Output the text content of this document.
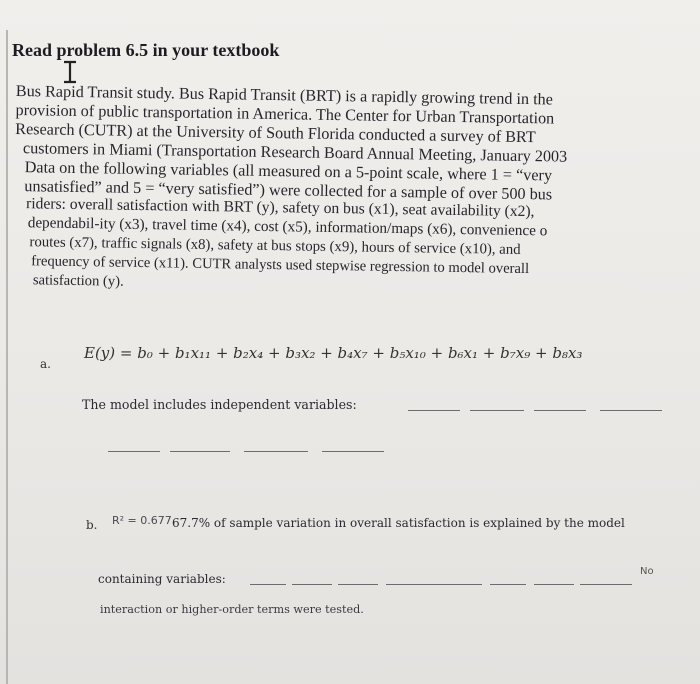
Read problem 6.5 in your textbook

Bus Rapid Transit study. Bus Rapid Transit (BRT) is a rapidly growing trend in the
provision of public transportation in America. The Center for Urban Transportation
Research (CUTR) at the University of South Florida conducted a survey of BRT
customers in Miami (Transportation Research Board Annual Meeting, January 2003
Data on the following variables (all measured on a 5-point scale, where 1 = “very
unsatisfied” and 5 = “very satisfied”) were collected for a sample of over 500 bus
riders: overall satisfaction with BRT (y), safety on bus (x1), seat availability (x2),
dependabil-ity (x3), travel time (x4), cost (x5), information/maps (x6), convenience o
routes (x7), traffic signals (x8), safety at bus stops (x9), hours of service (x10), and
frequency of service (x11). CUTR analysts used stepwise regression to model overall
satisfaction (y).

a.
E(y) = b₀ + b₁x₁₁ + b₂x₄ + b₃x₂ + b₄x₇ + b₅x₁₀ + b₆x₁ + b₇x₉ + b₈x₃
The model includes independent variables:
b. R² = 0.677.
67.7% of sample variation in overall satisfaction is explained by the model
containing variables:
No
interaction or higher-order terms were tested.
